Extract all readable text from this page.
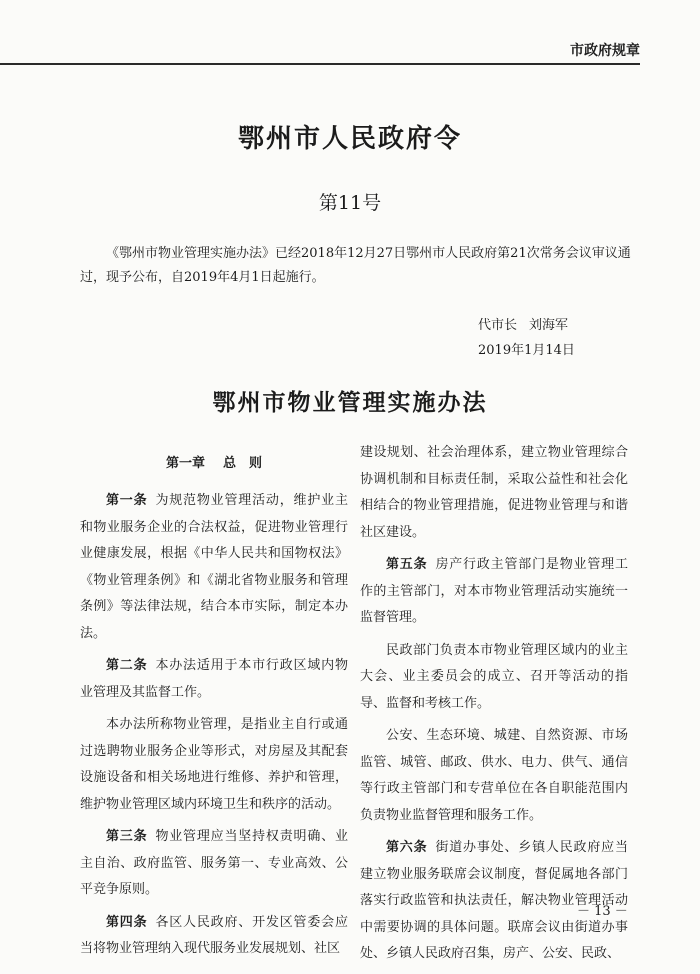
市政府规章
鄂州市人民政府令
第11号

《鄂州市物业管理实施办法》已经2018年12月27日鄂州市人民政府第21次常务会议审议通过，现予公布，自2019年4月1日起施行。

代市长 刘海军
2019年1月14日
鄂州市物业管理实施办法
第一章 总　则

第一条 为规范物业管理活动，维护业主和物业服务企业的合法权益，促进物业管理行业健康发展，根据《中华人民共和国物权法》《物业管理条例》和《湖北省物业服务和管理条例》等法律法规，结合本市实际，制定本办法。

第二条 本办法适用于本市行政区域内物业管理及其监督工作。

本办法所称物业管理，是指业主自行或通过选聘物业服务企业等形式，对房屋及其配套设施设备和相关场地进行维修、养护和管理，维护物业管理区域内环境卫生和秩序的活动。

第三条 物业管理应当坚持权责明确、业主自治、政府监管、服务第一、专业高效、公平竞争原则。

第四条 各区人民政府、开发区管委会应当将物业管理纳入现代服务业发展规划、社区

建设规划、社会治理体系，建立物业管理综合协调机制和目标责任制，采取公益性和社会化相结合的物业管理措施，促进物业管理与和谐社区建设。

第五条 房产行政主管部门是物业管理工作的主管部门，对本市物业管理活动实施统一监督管理。

民政部门负责本市物业管理区域内的业主大会、业主委员会的成立、召开等活动的指导、监督和考核工作。

公安、生态环境、城建、自然资源、市场监管、城管、邮政、供水、电力、供气、通信等行政主管部门和专营单位在各自职能范围内负责物业监督管理和服务工作。

第六条 街道办事处、乡镇人民政府应当建立物业服务联席会议制度，督促属地各部门落实行政监管和执法责任，解决物业管理活动中需要协调的具体问题。联席会议由街道办事处、乡镇人民政府召集，房产、公安、民政、

－ 13 －
